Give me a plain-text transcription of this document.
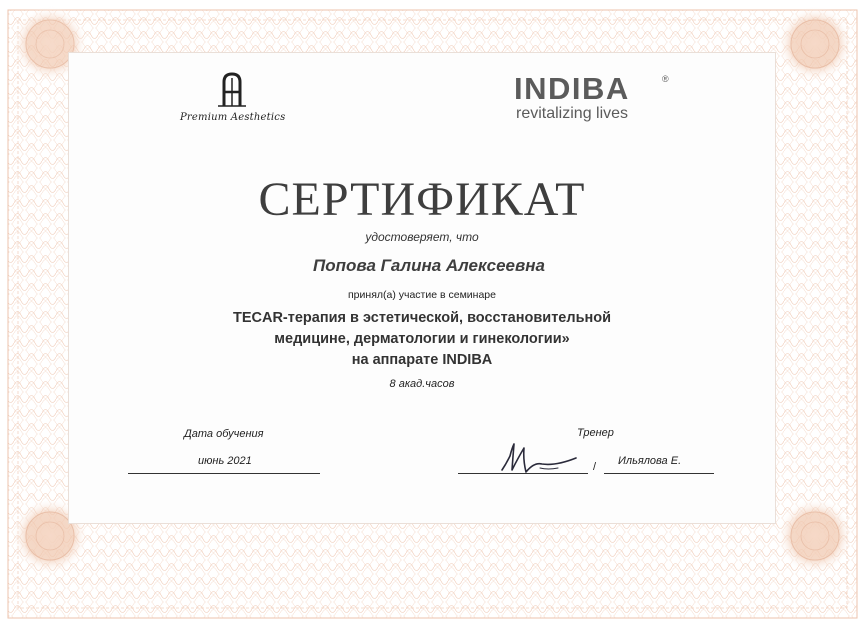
Premium Aesthetics
INDIBA	®
revitalizing lives
СЕРТИФИКАТ
удостоверяет, что
Попова Галина Алексеевна
принял(а) участие в семинаре
TECAR-терапия в эстетической, восстановительной
медицине, дерматологии и гинекологии»
на аппарате INDIBA
8 акад.часов
Дата обучения
июнь 2021
Тренер
/ Ильялова Е.
